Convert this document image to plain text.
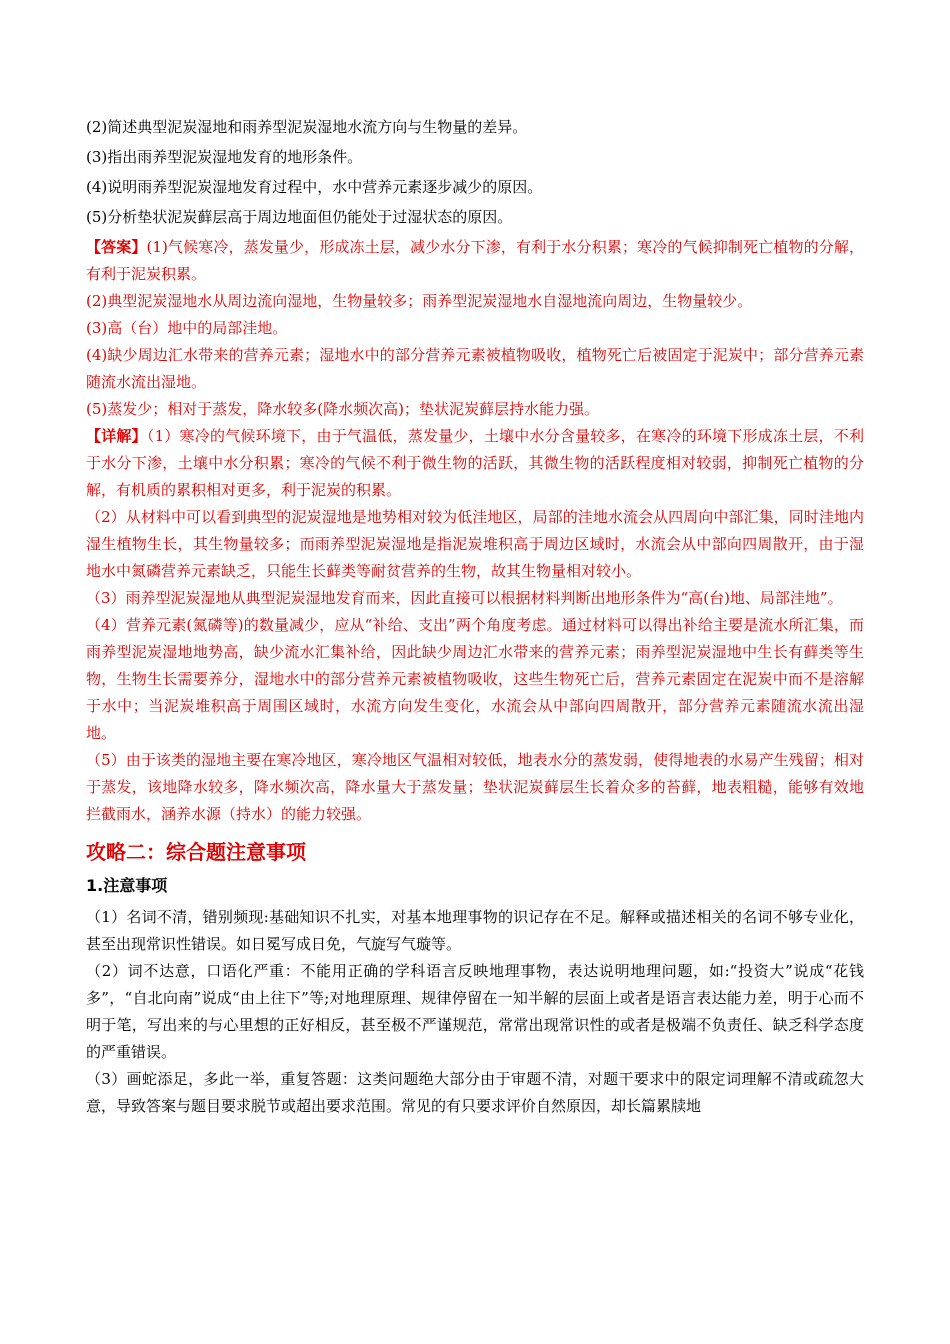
(2)简述典型泥炭湿地和雨养型泥炭湿地水流方向与生物量的差异。

(3)指出雨养型泥炭湿地发育的地形条件。

(4)说明雨养型泥炭湿地发育过程中，水中营养元素逐步减少的原因。

(5)分析垫状泥炭藓层高于周边地面但仍能处于过湿状态的原因。

【答案】(1)气候寒冷，蒸发量少，形成冻土层，减少水分下渗，有利于水分积累；寒冷的气候抑制死亡植物的分解，有利于泥炭积累。

(2)典型泥炭湿地水从周边流向湿地，生物量较多；雨养型泥炭湿地水自湿地流向周边，生物量较少。

(3)高（台）地中的局部洼地。

(4)缺少周边汇水带来的营养元素；湿地水中的部分营养元素被植物吸收，植物死亡后被固定于泥炭中；部分营养元素随流水流出湿地。

(5)蒸发少；相对于蒸发，降水较多(降水频次高)；垫状泥炭藓层持水能力强。

【详解】（1）寒冷的气候环境下，由于气温低，蒸发量少，土壤中水分含量较多，在寒冷的环境下形成冻土层，不利于水分下渗，土壤中水分积累；寒冷的气候不利于微生物的活跃，其微生物的活跃程度相对较弱，抑制死亡植物的分解，有机质的累积相对更多，利于泥炭的积累。

（2）从材料中可以看到典型的泥炭湿地是地势相对较为低洼地区，局部的洼地水流会从四周向中部汇集，同时洼地内湿生植物生长，其生物量较多；而雨养型泥炭湿地是指泥炭堆积高于周边区域时，水流会从中部向四周散开，由于湿地水中氮磷营养元素缺乏，只能生长藓类等耐贫营养的生物，故其生物量相对较小。

（3）雨养型泥炭湿地从典型泥炭湿地发育而来，因此直接可以根据材料判断出地形条件为“高(台)地、局部洼地”。

（4）营养元素(氮磷等)的数量减少，应从“补给、支出”两个角度考虑。通过材料可以得出补给主要是流水所汇集，而雨养型泥炭湿地地势高，缺少流水汇集补给，因此缺少周边汇水带来的营养元素；雨养型泥炭湿地中生长有藓类等生物，生物生长需要养分，湿地水中的部分营养元素被植物吸收，这些生物死亡后，营养元素固定在泥炭中而不是溶解于水中；当泥炭堆积高于周围区域时，水流方向发生变化，水流会从中部向四周散开，部分营养元素随流水流出湿地。

（5）由于该类的湿地主要在寒冷地区，寒冷地区气温相对较低，地表水分的蒸发弱，使得地表的水易产生残留；相对于蒸发，该地降水较多，降水频次高，降水量大于蒸发量；垫状泥炭藓层生长着众多的苔藓，地表粗糙，能够有效地拦截雨水，涵养水源（持水）的能力较强。

攻略二：综合题注意事项
1.注意事项

（1）名词不清，错别频现:基础知识不扎实，对基本地理事物的识记存在不足。解释或描述相关的名词不够专业化，甚至出现常识性错误。如日冕写成日免，气旋写气璇等。

（2）词不达意，口语化严重：不能用正确的学科语言反映地理事物，表达说明地理问题，如:“投资大”说成“花钱多”，“自北向南”说成“由上往下”等;对地理原理、规律停留在一知半解的层面上或者是语言表达能力差，明于心而不明于笔，写出来的与心里想的正好相反，甚至极不严谨规范，常常出现常识性的或者是极端不负责任、缺乏科学态度的严重错误。

（3）画蛇添足，多此一举，重复答题：这类问题绝大部分由于审题不清，对题干要求中的限定词理解不清或疏忽大意，导致答案与题目要求脱节或超出要求范围。常见的有只要求评价自然原因，却长篇累牍地
